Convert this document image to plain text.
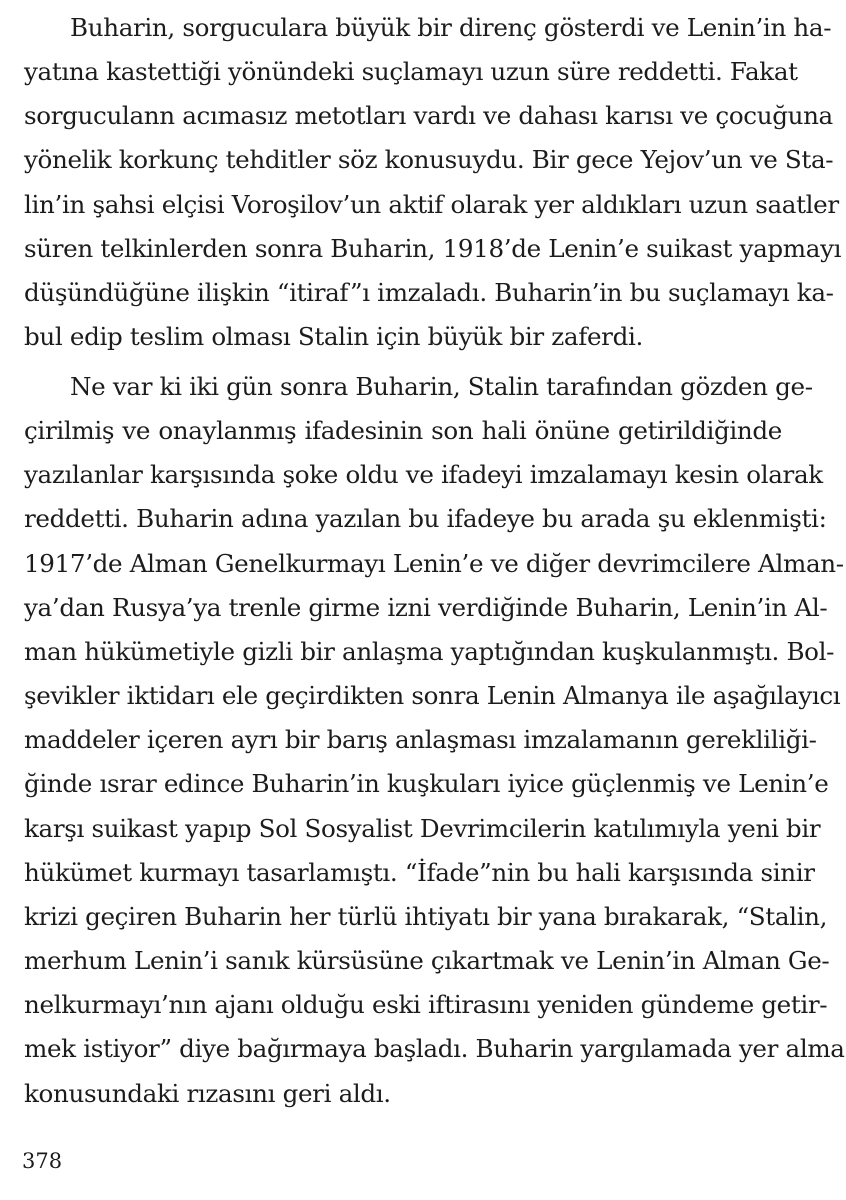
Buharin, sorguculara büyük bir direnç gösterdi ve Lenin’in ha-
yatına kastettiği yönündeki suçlamayı uzun süre reddetti. Fakat
sorguculann acımasız metotları vardı ve dahası karısı ve çocuğuna
yönelik korkunç tehditler söz konusuydu. Bir gece Yejov’un ve Sta-
lin’in şahsi elçisi Voroşilov’un aktif olarak yer aldıkları uzun saatler
süren telkinlerden sonra Buharin, 1918’de Lenin’e suikast yapmayı
düşündüğüne ilişkin “itiraf”ı imzaladı. Buharin’in bu suçlamayı ka-
bul edip teslim olması Stalin için büyük bir zaferdi.
Ne var ki iki gün sonra Buharin, Stalin tarafından gözden ge-
çirilmiş ve onaylanmış ifadesinin son hali önüne getirildiğinde
yazılanlar karşısında şoke oldu ve ifadeyi imzalamayı kesin olarak
reddetti. Buharin adına yazılan bu ifadeye bu arada şu eklenmişti:
1917’de Alman Genelkurmayı Lenin’e ve diğer devrimcilere Alman-
ya’dan Rusya’ya trenle girme izni verdiğinde Buharin, Lenin’in Al-
man hükümetiyle gizli bir anlaşma yaptığından kuşkulanmıştı. Bol-
şevikler iktidarı ele geçirdikten sonra Lenin Almanya ile aşağılayıcı
maddeler içeren ayrı bir barış anlaşması imzalamanın gerekliliği-
ğinde ısrar edince Buharin’in kuşkuları iyice güçlenmiş ve Lenin’e
karşı suikast yapıp Sol Sosyalist Devrimcilerin katılımıyla yeni bir
hükümet kurmayı tasarlamıştı. “İfade”nin bu hali karşısında sinir
krizi geçiren Buharin her türlü ihtiyatı bir yana bırakarak, “Stalin,
merhum Lenin’i sanık kürsüsüne çıkartmak ve Lenin’in Alman Ge-
nelkurmayı’nın ajanı olduğu eski iftirasını yeniden gündeme getir-
mek istiyor” diye bağırmaya başladı. Buharin yargılamada yer alma
konusundaki rızasını geri aldı.
378
